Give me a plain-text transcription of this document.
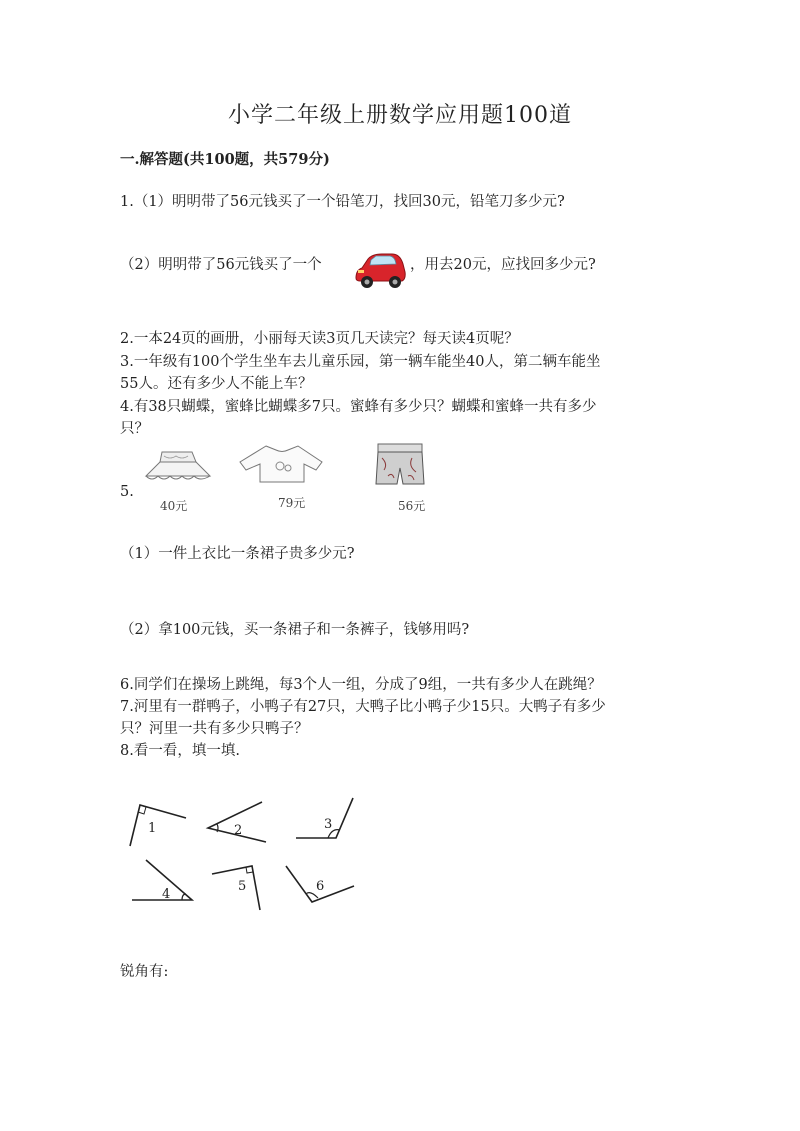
小学二年级上册数学应用题100道
一.解答题(共100题，共579分)
1.（1）明明带了56元钱买了一个铅笔刀，找回30元，铅笔刀多少元?
（2）明明带了56元钱买了一个	，用去20元，应找回多少元?
2.一本24页的画册，小丽每天读3页几天读完？每天读4页呢？
3.一年级有100个学生坐车去儿童乐园，第一辆车能坐40人，第二辆车能坐
55人。还有多少人不能上车？
4.有38只蝴蝶，蜜蜂比蝴蝶多7只。蜜蜂有多少只？蝴蝶和蜜蜂一共有多少
只？
5.
40元	79元	56元
（1）一件上衣比一条裙子贵多少元?
（2）拿100元钱，买一条裙子和一条裤子，钱够用吗?
6.同学们在操场上跳绳，每3个人一组，分成了9组，一共有多少人在跳绳？
7.河里有一群鸭子，小鸭子有27只，大鸭子比小鸭子少15只。大鸭子有多少
只？河里一共有多少只鸭子？
8.看一看，填一填.
1	2	3
4
5	6
锐角有:
